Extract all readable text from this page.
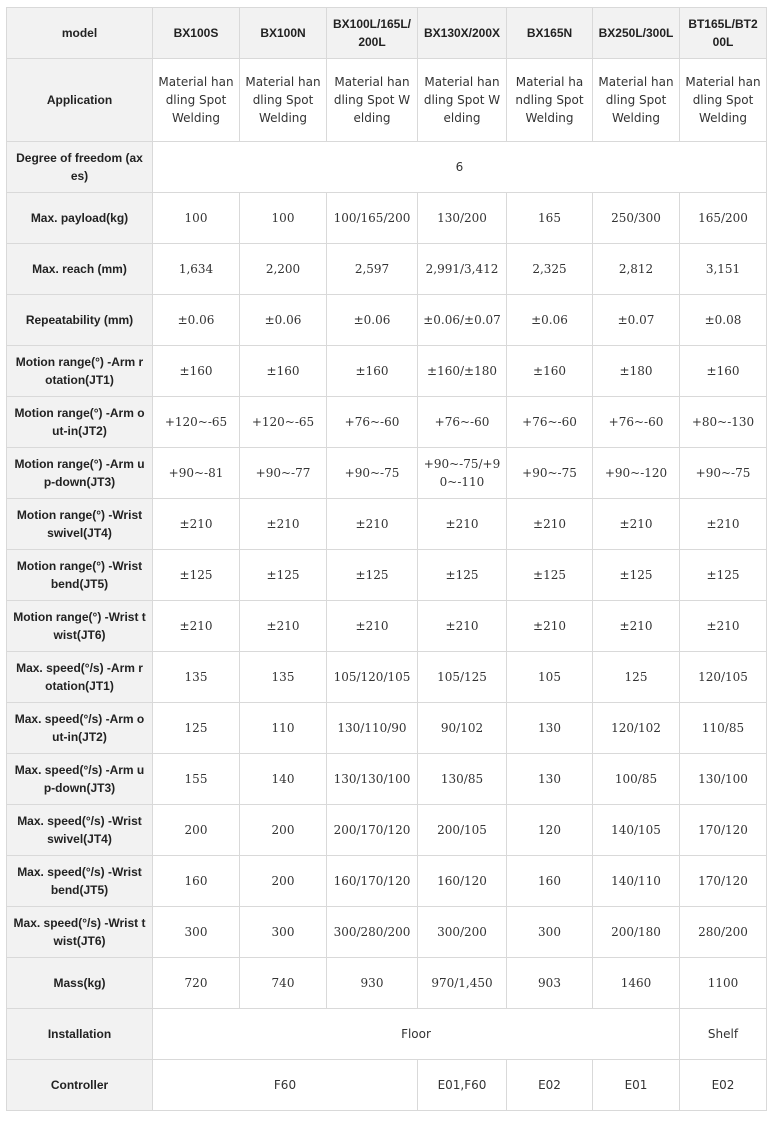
model	BX100S	BX100N	BX100L/165L/200L	BX130X/200X	BX165N	BX250L/300L	BT165L/BT200L
Application	Material handling Spot Welding	Material handling Spot Welding	Material handling Spot Welding	Material handling Spot Welding	Material handling Spot Welding	Material handling Spot Welding	Material handling Spot Welding
Degree of freedom (axes)	6						
Max. payload(kg)	100	100	100/165/200	130/200	165	250/300	165/200
Max. reach (mm)	1,634	2,200	2,597	2,991/3,412	2,325	2,812	3,151
Repeatability (mm)	±0.06	±0.06	±0.06	±0.06/±0.07	±0.06	±0.07	±0.08
Motion range(°) -Arm rotation(JT1)	±160	±160	±160	±160/±180	±160	±180	±160
Motion range(°) -Arm out-in(JT2)	+120~-65	+120~-65	+76~-60	+76~-60	+76~-60	+76~-60	+80~-130
Motion range(°) -Arm up-down(JT3)	+90~-81	+90~-77	+90~-75	+90~-75/+90~-110	+90~-75	+90~-120	+90~-75
Motion range(°) -Wrist swivel(JT4)	±210	±210	±210	±210	±210	±210	±210
Motion range(°) -Wrist bend(JT5)	±125	±125	±125	±125	±125	±125	±125
Motion range(°) -Wrist twist(JT6)	±210	±210	±210	±210	±210	±210	±210
Max. speed(°/s) -Arm rotation(JT1)	135	135	105/120/105	105/125	105	125	120/105
Max. speed(°/s) -Arm out-in(JT2)	125	110	130/110/90	90/102	130	120/102	110/85
Max. speed(°/s) -Arm up-down(JT3)	155	140	130/130/100	130/85	130	100/85	130/100
Max. speed(°/s) -Wrist swivel(JT4)	200	200	200/170/120	200/105	120	140/105	170/120
Max. speed(°/s) -Wrist bend(JT5)	160	200	160/170/120	160/120	160	140/110	170/120
Max. speed(°/s) -Wrist twist(JT6)	300	300	300/280/200	300/200	300	200/180	280/200
Mass(kg)	720	740	930	970/1,450	903	1460	1100
Installation	Floor						Shelf
Controller	F60			E01,F60	E02	E01	E02
